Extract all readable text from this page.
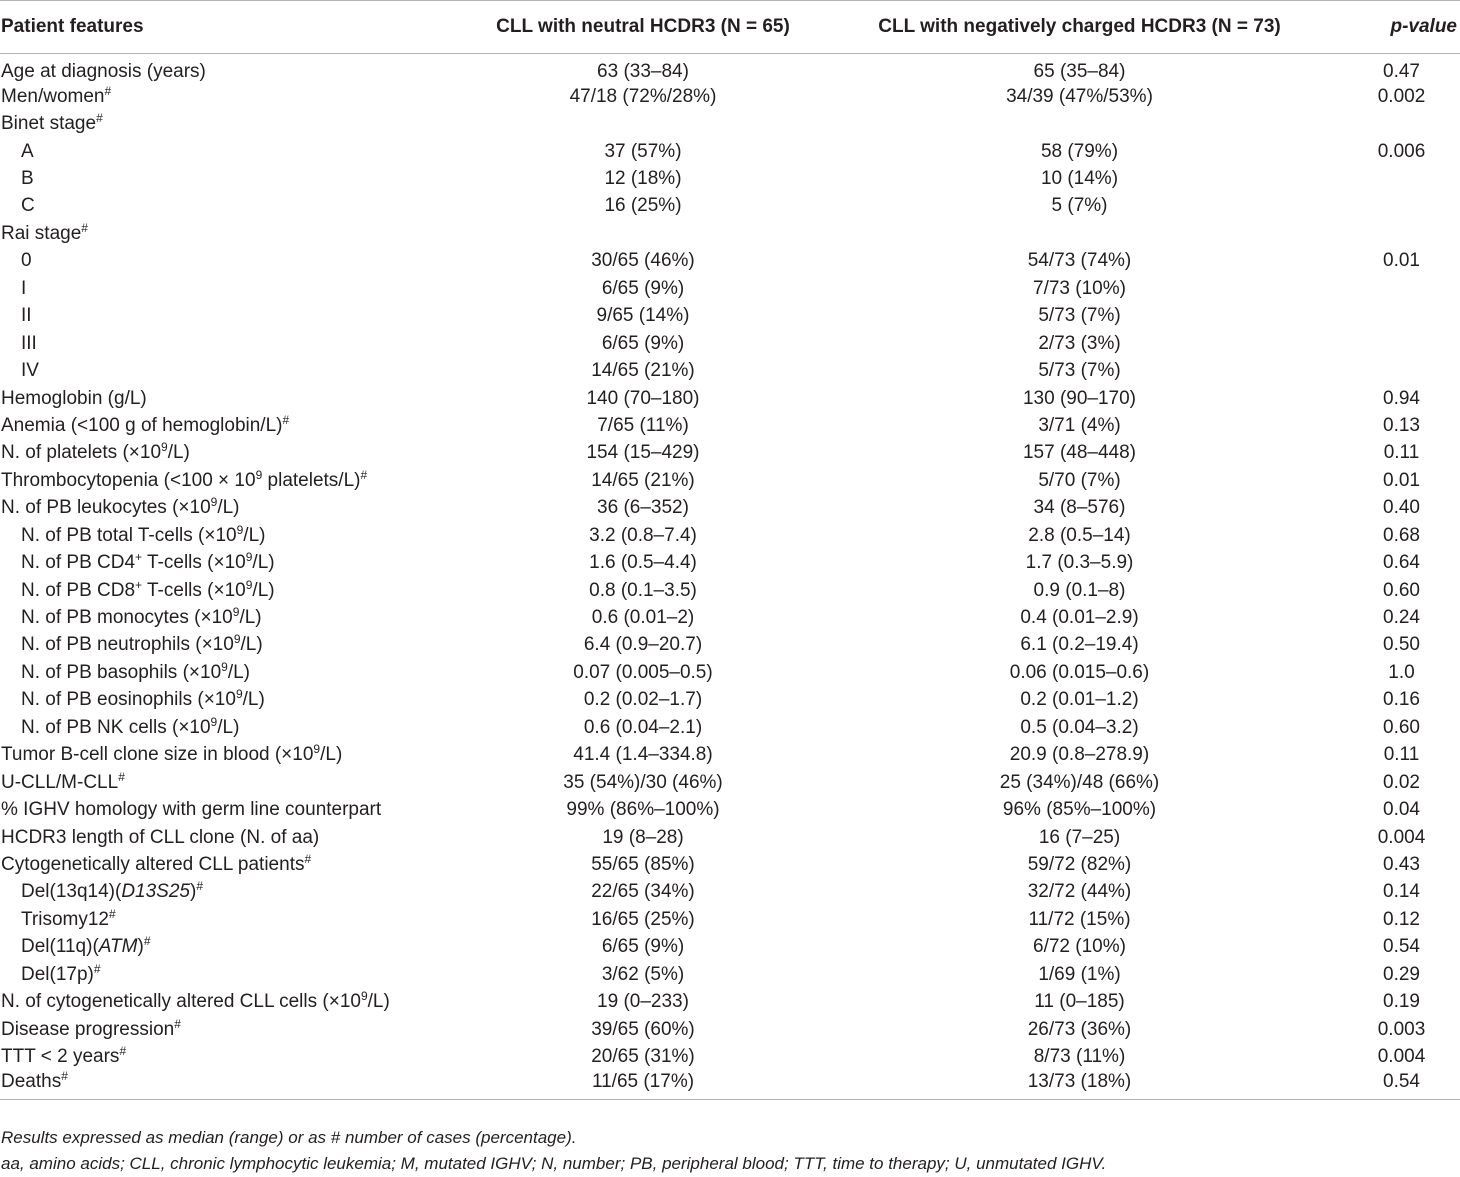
Patient features	CLL with neutral HCDR3 (N = 65)	CLL with negatively charged HCDR3 (N = 73)	p-value
Age at diagnosis (years)	63 (33–84)	65 (35–84)	0.47
Men/women#	47/18 (72%/28%)	34/39 (47%/53%)	0.002
Binet stage#			
A	37 (57%)	58 (79%)	0.006
B	12 (18%)	10 (14%)	
C	16 (25%)	5 (7%)	
Rai stage#			
0	30/65 (46%)	54/73 (74%)	0.01
I	6/65 (9%)	7/73 (10%)	
II	9/65 (14%)	5/73 (7%)	
III	6/65 (9%)	2/73 (3%)	
IV	14/65 (21%)	5/73 (7%)	
Hemoglobin (g/L)	140 (70–180)	130 (90–170)	0.94
Anemia (<100 g of hemoglobin/L)#	7/65 (11%)	3/71 (4%)	0.13
N. of platelets $(\times 10^9/L)$	154 (15–429)	157 (48–448)	0.11
Thrombocytopenia ($<100 \times 10^9$ platelets/L)#	14/65 (21%)	5/70 (7%)	0.01
N. of PB leukocytes $(\times 10^9/L)$	36 (6–352)	34 (8–576)	0.40
N. of PB total T-cells $(\times 10^9/L)$	3.2 (0.8–7.4)	2.8 (0.5–14)	0.68
N. of PB CD4+ T-cells $(\times 10^9/L)$	1.6 (0.5–4.4)	1.7 (0.3–5.9)	0.64
N. of PB CD8+ T-cells $(\times 10^9/L)$	0.8 (0.1–3.5)	0.9 (0.1–8)	0.60
N. of PB monocytes $(\times 10^9/L)$	0.6 (0.01–2)	0.4 (0.01–2.9)	0.24
N. of PB neutrophils $(\times 10^9/L)$	6.4 (0.9–20.7)	6.1 (0.2–19.4)	0.50
N. of PB basophils $(\times 10^9/L)$	0.07 (0.005–0.5)	0.06 (0.015–0.6)	1.0
N. of PB eosinophils $(\times 10^9/L)$	0.2 (0.02–1.7)	0.2 (0.01–1.2)	0.16
N. of PB NK cells $(\times 10^9/L)$	0.6 (0.04–2.1)	0.5 (0.04–3.2)	0.60
Tumor B-cell clone size in blood $(\times 10^9/L)$	41.4 (1.4–334.8)	20.9 (0.8–278.9)	0.11
U-CLL/M-CLL#	35 (54%)/30 (46%)	25 (34%)/48 (66%)	0.02
% IGHV homology with germ line counterpart	99% (86%–100%)	96% (85%–100%)	0.04
HCDR3 length of CLL clone (N. of aa)	19 (8–28)	16 (7–25)	0.004
Cytogenetically altered CLL patients#	55/65 (85%)	59/72 (82%)	0.43
Del(13q14)(D13S25)#	22/65 (34%)	32/72 (44%)	0.14
Trisomy12#	16/65 (25%)	11/72 (15%)	0.12
Del(11q)(ATM)#	6/65 (9%)	6/72 (10%)	0.54
Del(17p)#	3/62 (5%)	1/69 (1%)	0.29
N. of cytogenetically altered CLL cells $(\times 10^9/L)$	19 (0–233)	11 (0–185)	0.19
Disease progression#	39/65 (60%)	26/73 (36%)	0.003
TTT < 2 years#	20/65 (31%)	8/73 (11%)	0.004
Deaths#	11/65 (17%)	13/73 (18%)	0.54
Results expressed as median (range) or as # number of cases (percentage).
aa, amino acids; CLL, chronic lymphocytic leukemia; M, mutated IGHV; N, number; PB, peripheral blood; TTT, time to therapy; U, unmutated IGHV.
